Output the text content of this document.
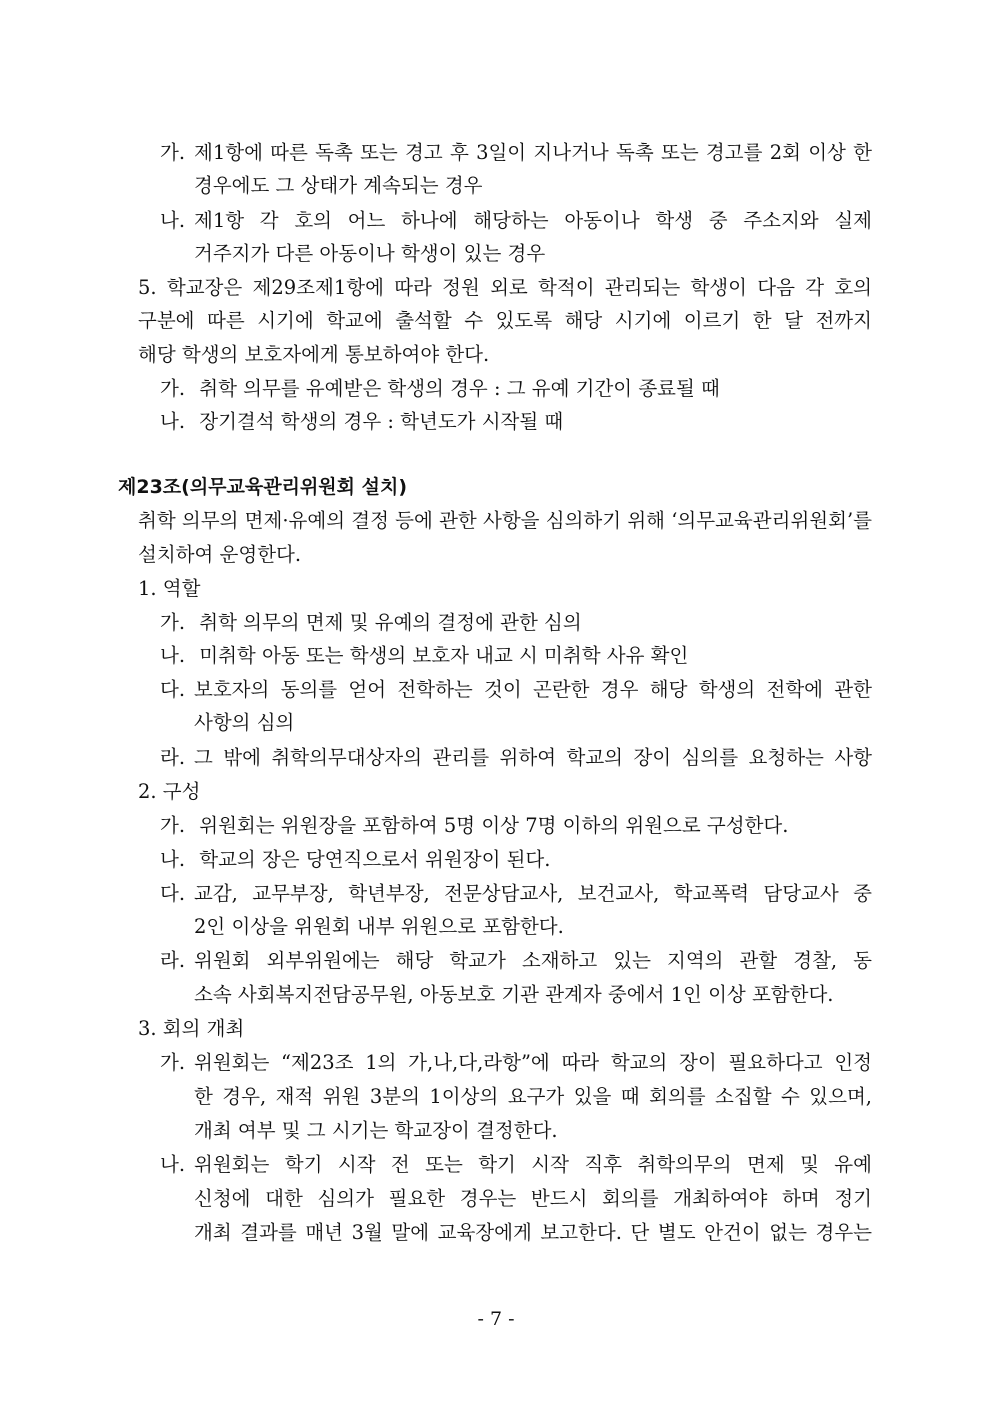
가. 제1항에 따른 독촉 또는 경고 후 3일이 지나거나 독촉 또는 경고를 2회 이상 한
경우에도 그 상태가 계속되는 경우
나. 제1항 각 호의 어느 하나에 해당하는 아동이나 학생 중 주소지와 실제
거주지가 다른 아동이나 학생이 있는 경우
5. 학교장은 제29조제1항에 따라 정원 외로 학적이 관리되는 학생이 다음 각 호의
구분에 따른 시기에 학교에 출석할 수 있도록 해당 시기에 이르기 한 달 전까지
해당 학생의 보호자에게 통보하여야 한다.
가. 취학 의무를 유예받은 학생의 경우 : 그 유예 기간이 종료될 때
나. 장기결석 학생의 경우 : 학년도가 시작될 때
제23조(의무교육관리위원회 설치)
취학 의무의 면제·유예의 결정 등에 관한 사항을 심의하기 위해 ‘의무교육관리위원회’를
설치하여 운영한다.
1. 역할
가. 취학 의무의 면제 및 유예의 결정에 관한 심의
나. 미취학 아동 또는 학생의 보호자 내교 시 미취학 사유 확인
다. 보호자의 동의를 얻어 전학하는 것이 곤란한 경우 해당 학생의 전학에 관한
사항의 심의
라. 그 밖에 취학의무대상자의 관리를 위하여 학교의 장이 심의를 요청하는 사항
2. 구성
가. 위원회는 위원장을 포함하여 5명 이상 7명 이하의 위원으로 구성한다.
나. 학교의 장은 당연직으로서 위원장이 된다.
다. 교감, 교무부장, 학년부장, 전문상담교사, 보건교사, 학교폭력 담당교사 중
2인 이상을 위원회 내부 위원으로 포함한다.
라. 위원회 외부위원에는 해당 학교가 소재하고 있는 지역의 관할 경찰, 동
소속 사회복지전담공무원, 아동보호 기관 관계자 중에서 1인 이상 포함한다.
3. 회의 개최
가. 위원회는 “제23조 1의 가,나,다,라항”에 따라 학교의 장이 필요하다고 인정
한 경우, 재적 위원 3분의 1이상의 요구가 있을 때 회의를 소집할 수 있으며,
개최 여부 및 그 시기는 학교장이 결정한다.
나. 위원회는 학기 시작 전 또는 학기 시작 직후 취학의무의 면제 및 유예
신청에 대한 심의가 필요한 경우는 반드시 회의를 개최하여야 하며 정기
개최 결과를 매년 3월 말에 교육장에게 보고한다. 단 별도 안건이 없는 경우는
- 7 -
